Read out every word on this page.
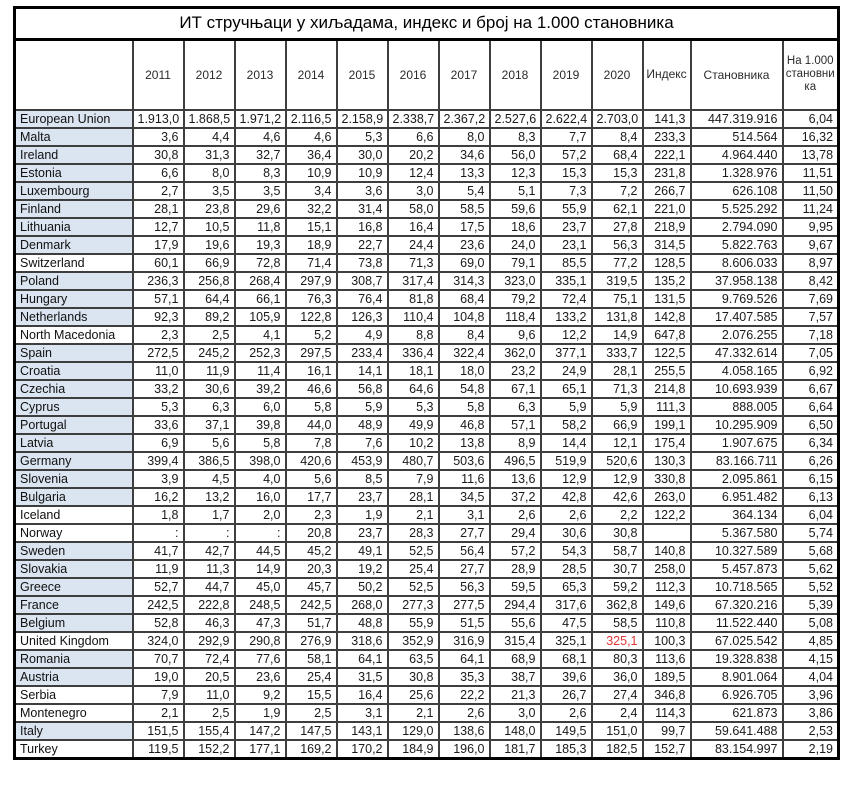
ИТ стручњаци у хиљадама, индекс и број на 1.000 становника													
	2011	2012	2013	2014	2015	2016	2017	2018	2019	2020	Индекс	Становника	На 1.000 становника
European Union	1.913,0	1.868,5	1.971,2	2.116,5	2.158,9	2.338,7	2.367,2	2.527,6	2.622,4	2.703,0	141,3	447.319.916	6,04
Malta	3,6	4,4	4,6	4,6	5,3	6,6	8,0	8,3	7,7	8,4	233,3	514.564	16,32
Ireland	30,8	31,3	32,7	36,4	30,0	20,2	34,6	56,0	57,2	68,4	222,1	4.964.440	13,78
Estonia	6,6	8,0	8,3	10,9	10,9	12,4	13,3	12,3	15,3	15,3	231,8	1.328.976	11,51
Luxembourg	2,7	3,5	3,5	3,4	3,6	3,0	5,4	5,1	7,3	7,2	266,7	626.108	11,50
Finland	28,1	23,8	29,6	32,2	31,4	58,0	58,5	59,6	55,9	62,1	221,0	5.525.292	11,24
Lithuania	12,7	10,5	11,8	15,1	16,8	16,4	17,5	18,6	23,7	27,8	218,9	2.794.090	9,95
Denmark	17,9	19,6	19,3	18,9	22,7	24,4	23,6	24,0	23,1	56,3	314,5	5.822.763	9,67
Switzerland	60,1	66,9	72,8	71,4	73,8	71,3	69,0	79,1	85,5	77,2	128,5	8.606.033	8,97
Poland	236,3	256,8	268,4	297,9	308,7	317,4	314,3	323,0	335,1	319,5	135,2	37.958.138	8,42
Hungary	57,1	64,4	66,1	76,3	76,4	81,8	68,4	79,2	72,4	75,1	131,5	9.769.526	7,69
Netherlands	92,3	89,2	105,9	122,8	126,3	110,4	104,8	118,4	133,2	131,8	142,8	17.407.585	7,57
North Macedonia	2,3	2,5	4,1	5,2	4,9	8,8	8,4	9,6	12,2	14,9	647,8	2.076.255	7,18
Spain	272,5	245,2	252,3	297,5	233,4	336,4	322,4	362,0	377,1	333,7	122,5	47.332.614	7,05
Croatia	11,0	11,9	11,4	16,1	14,1	18,1	18,0	23,2	24,9	28,1	255,5	4.058.165	6,92
Czechia	33,2	30,6	39,2	46,6	56,8	64,6	54,8	67,1	65,1	71,3	214,8	10.693.939	6,67
Cyprus	5,3	6,3	6,0	5,8	5,9	5,3	5,8	6,3	5,9	5,9	111,3	888.005	6,64
Portugal	33,6	37,1	39,8	44,0	48,9	49,9	46,8	57,1	58,2	66,9	199,1	10.295.909	6,50
Latvia	6,9	5,6	5,8	7,8	7,6	10,2	13,8	8,9	14,4	12,1	175,4	1.907.675	6,34
Germany	399,4	386,5	398,0	420,6	453,9	480,7	503,6	496,5	519,9	520,6	130,3	83.166.711	6,26
Slovenia	3,9	4,5	4,0	5,6	8,5	7,9	11,6	13,6	12,9	12,9	330,8	2.095.861	6,15
Bulgaria	16,2	13,2	16,0	17,7	23,7	28,1	34,5	37,2	42,8	42,6	263,0	6.951.482	6,13
Iceland	1,8	1,7	2,0	2,3	1,9	2,1	3,1	2,6	2,6	2,2	122,2	364.134	6,04
Norway	:	:	:	20,8	23,7	28,3	27,7	29,4	30,6	30,8		5.367.580	5,74
Sweden	41,7	42,7	44,5	45,2	49,1	52,5	56,4	57,2	54,3	58,7	140,8	10.327.589	5,68
Slovakia	11,9	11,3	14,9	20,3	19,2	25,4	27,7	28,9	28,5	30,7	258,0	5.457.873	5,62
Greece	52,7	44,7	45,0	45,7	50,2	52,5	56,3	59,5	65,3	59,2	112,3	10.718.565	5,52
France	242,5	222,8	248,5	242,5	268,0	277,3	277,5	294,4	317,6	362,8	149,6	67.320.216	5,39
Belgium	52,8	46,3	47,3	51,7	48,8	55,9	51,5	55,6	47,5	58,5	110,8	11.522.440	5,08
United Kingdom	324,0	292,9	290,8	276,9	318,6	352,9	316,9	315,4	325,1	325,1	100,3	67.025.542	4,85
Romania	70,7	72,4	77,6	58,1	64,1	63,5	64,1	68,9	68,1	80,3	113,6	19.328.838	4,15
Austria	19,0	20,5	23,6	25,4	31,5	30,8	35,3	38,7	39,6	36,0	189,5	8.901.064	4,04
Serbia	7,9	11,0	9,2	15,5	16,4	25,6	22,2	21,3	26,7	27,4	346,8	6.926.705	3,96
Montenegro	2,1	2,5	1,9	2,5	3,1	2,1	2,6	3,0	2,6	2,4	114,3	621.873	3,86
Italy	151,5	155,4	147,2	147,5	143,1	129,0	138,6	148,0	149,5	151,0	99,7	59.641.488	2,53
Turkey	119,5	152,2	177,1	169,2	170,2	184,9	196,0	181,7	185,3	182,5	152,7	83.154.997	2,19
